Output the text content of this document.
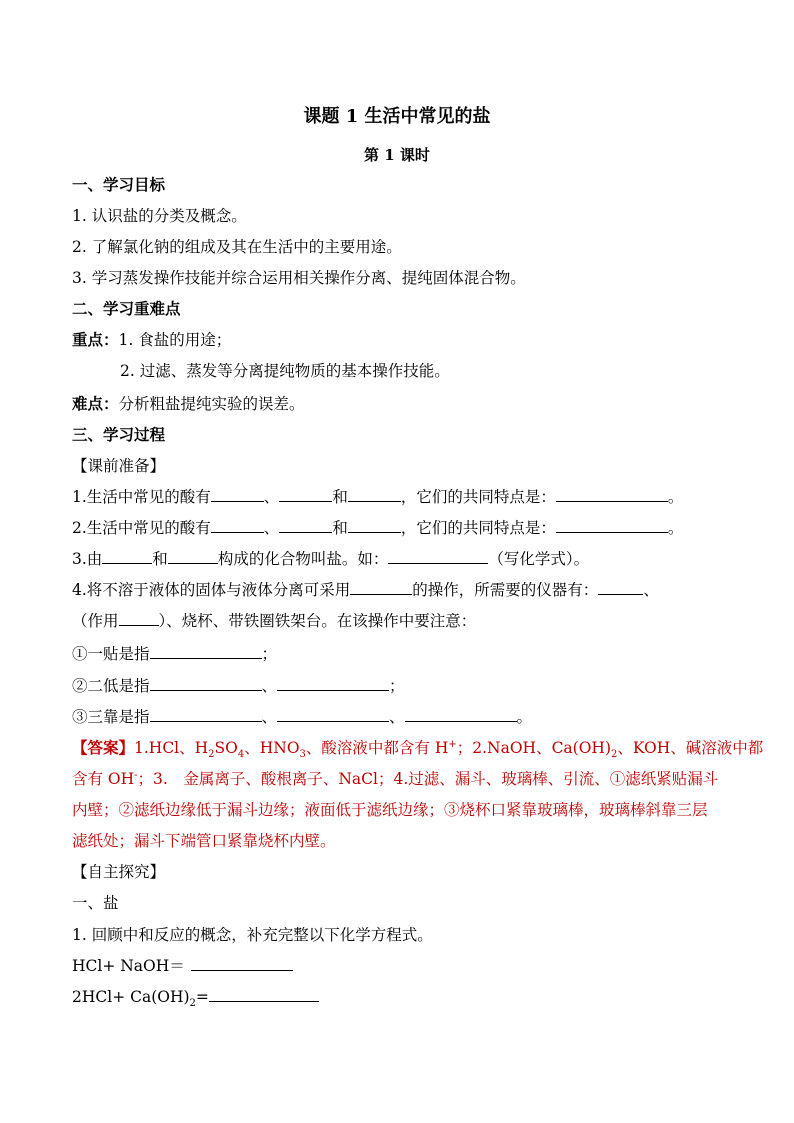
课题 1 生活中常见的盐
第 1 课时
一、学习目标
1. 认识盐的分类及概念。
2. 了解氯化钠的组成及其在生活中的主要用途。
3. 学习蒸发操作技能并综合运用相关操作分离、提纯固体混合物。
二、学习重难点
重点：1. 食盐的用途；
2. 过滤、蒸发等分离提纯物质的基本操作技能。
难点：分析粗盐提纯实验的误差。
三、学习过程
【课前准备】
1.生活中常见的酸有	、	和	，它们的共同特点是：	。
2.生活中常见的酸有	、	和	，它们的共同特点是：	。
3.由	和	构成的化合物叫盐。如：	（写化学式）。
4.将不溶于液体的固体与液体分离可采用	的操作，所需要的仪器有：	、
（作用	）、烧杯、带铁圈铁架台。在该操作中要注意：
①一贴是指	；
②二低是指	、	；
③三靠是指	、	、	。
【答案】1.HCl、$H_2SO_4$、$HNO_3$、酸溶液中都含有 H+；2.NaOH、$Ca(OH)_2$、KOH、碱溶液中都
含有 OH-；3.　金属离子、酸根离子、NaCl；4.过滤、漏斗、玻璃棒、引流、①滤纸紧贴漏斗
内壁；②滤纸边缘低于漏斗边缘；液面低于滤纸边缘；③烧杯口紧靠玻璃棒，玻璃棒斜靠三层
滤纸处；漏斗下端管口紧靠烧杯内壁。
【自主探究】
一、盐
1. 回顾中和反应的概念，补充完整以下化学方程式。
HCl+ NaOH＝
$2HCl+ Ca(OH)_2=$
